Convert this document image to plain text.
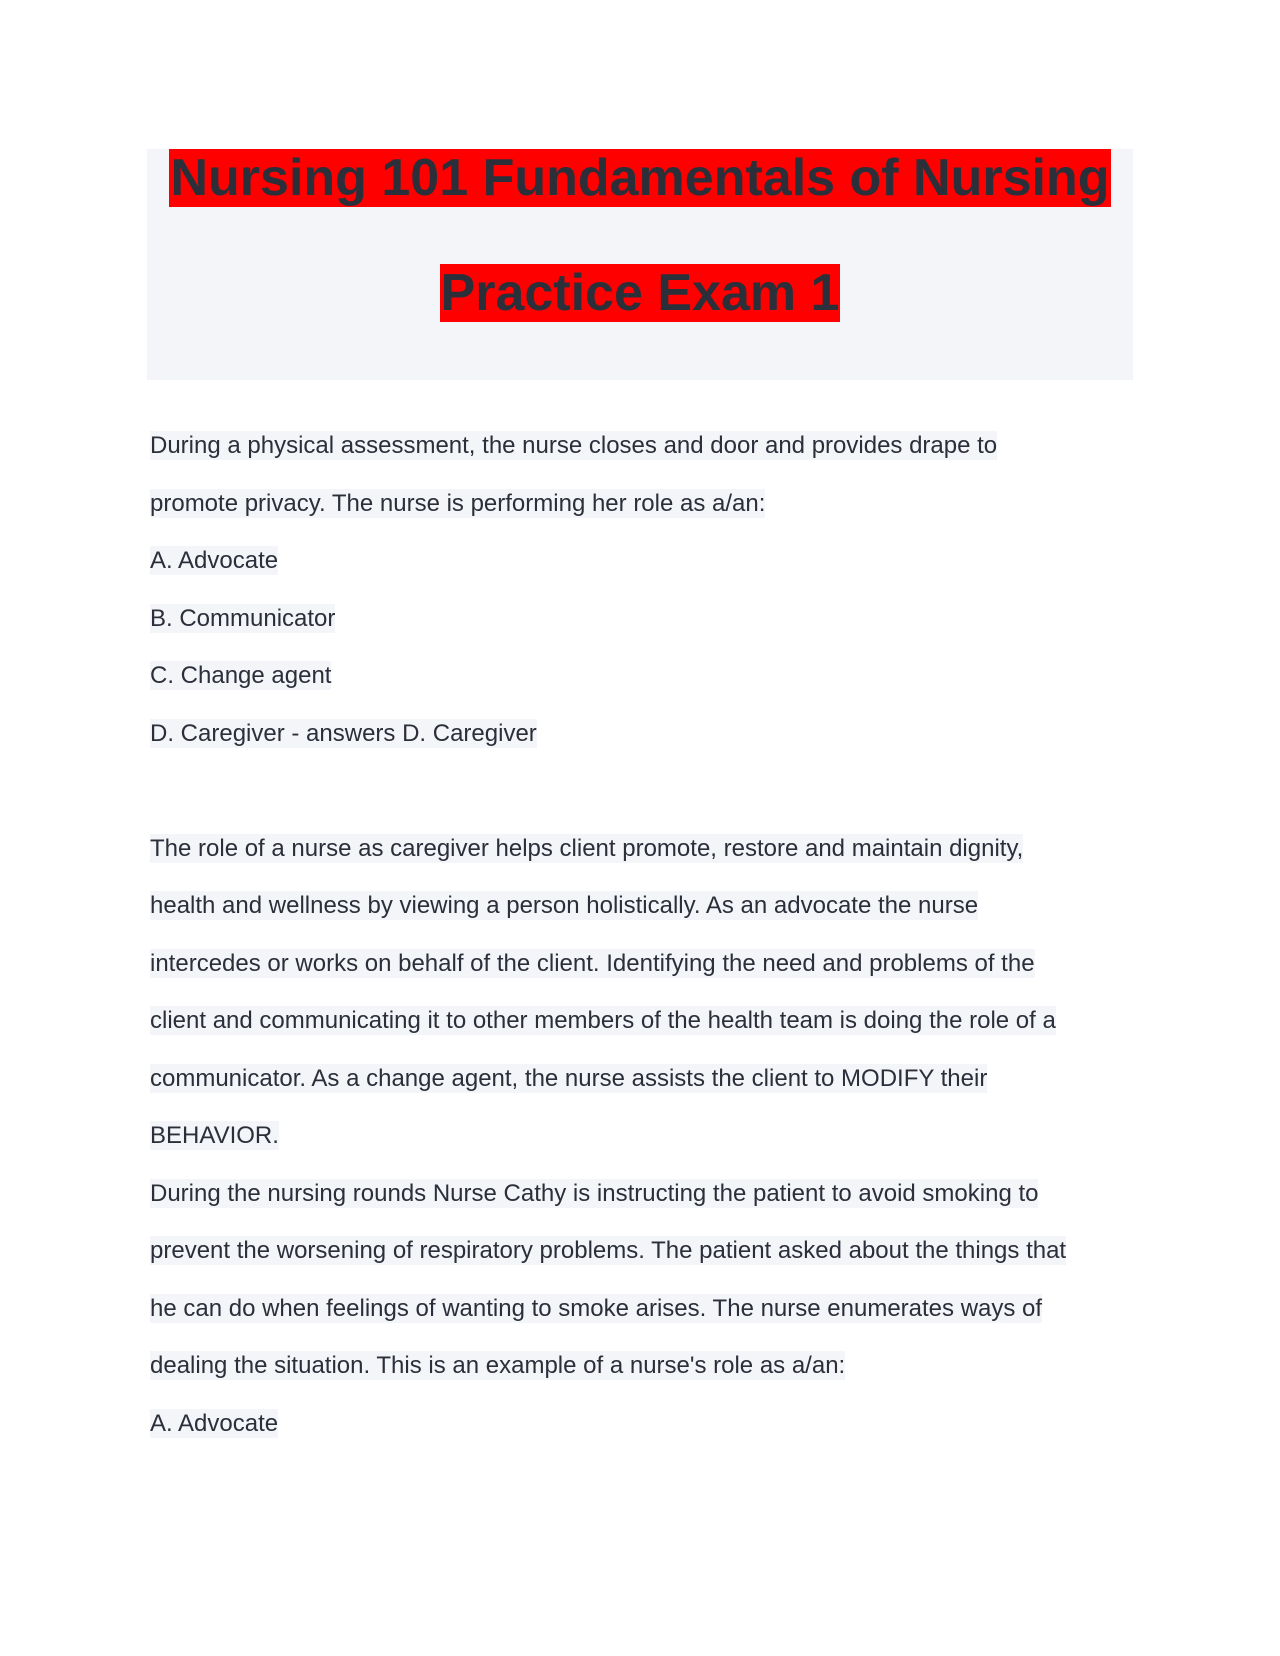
Nursing 101 Fundamentals of Nursing
Practice Exam 1
During a physical assessment, the nurse closes and door and provides drape to
promote privacy. The nurse is performing her role as a/an:
A. Advocate
B. Communicator
C. Change agent
D. Caregiver - answers D. Caregiver
The role of a nurse as caregiver helps client promote, restore and maintain dignity,
health and wellness by viewing a person holistically. As an advocate the nurse
intercedes or works on behalf of the client. Identifying the need and problems of the
client and communicating it to other members of the health team is doing the role of a
communicator. As a change agent, the nurse assists the client to MODIFY their
BEHAVIOR.
During the nursing rounds Nurse Cathy is instructing the patient to avoid smoking to
prevent the worsening of respiratory problems. The patient asked about the things that
he can do when feelings of wanting to smoke arises. The nurse enumerates ways of
dealing the situation. This is an example of a nurse's role as a/an:
A. Advocate
